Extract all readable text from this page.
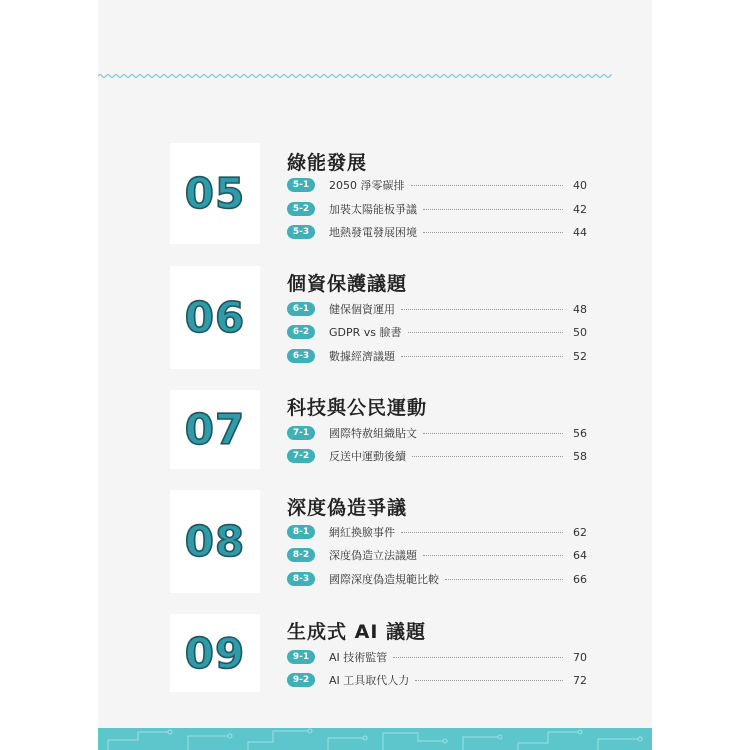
05
綠能發展
5-1	2050 淨零碳排	40
5-2	加裝太陽能板爭議	42
5-3	地熱發電發展困境	44
06
個資保護議題
6-1	健保個資運用	48
6-2	GDPR vs 臉書	50
6-3	數據經濟議題	52
07 科技與公民運動
7-1	國際特赦組織貼文	56
7-2	反送中運動後續	58
08
深度偽造爭議
8-1	網紅換臉事件	62
8-2	深度偽造立法議題	64
8-3	國際深度偽造規範比較	66
09 生成式 AI 議題
9-1	AI 技術監管	70
9-2	AI 工具取代人力	72
